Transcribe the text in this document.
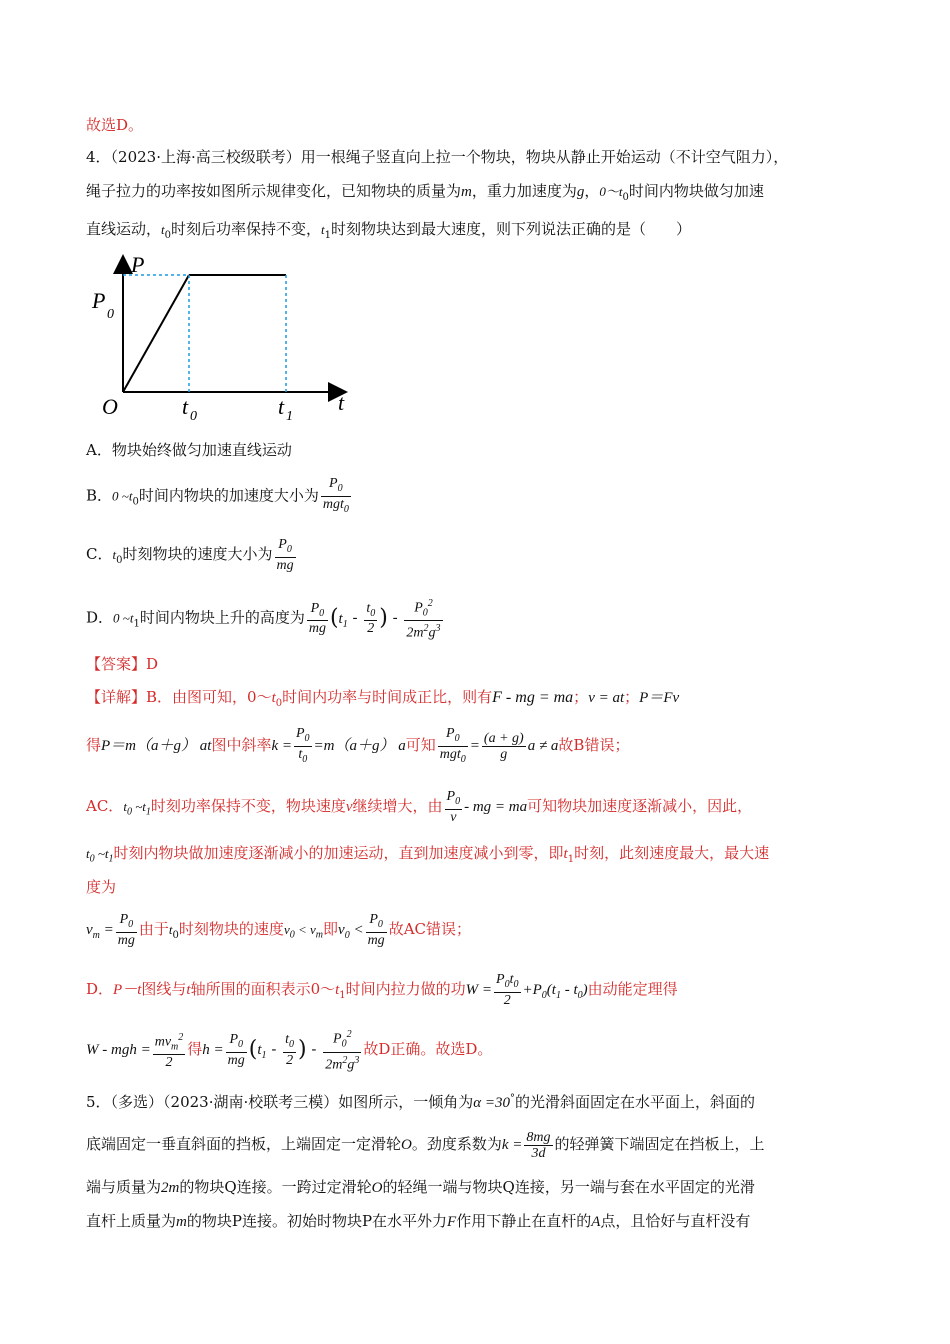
故选D。
4．（2023·上海·高三校级联考）用一根绳子竖直向上拉一个物块，物块从静止开始运动（不计空气阻力），
绳子拉力的功率按如图所示规律变化，已知物块的质量为m，重力加速度为g，$0\sim t_0$时间内物块做匀加速
直线运动，$t_0$时刻后功率保持不变，$t_1$时刻物块达到最大速度，则下列说法正确的是（　　）
P
t
O
P
0
t 0	t 1
A．物块始终做匀加速直线运动
B．0 $\sim t_0$时间内物块的加速度大小为 $\frac{P_0}{mgt_0}$
C．$t_0$时刻物块的速度大小为 $\frac{P_0}{mg}$
D．0 $\sim t_1$时间内物块上升的高度为 $\frac{P_0}{mg} (t_1 - \frac{t_0}{2}$ ) - $\frac{P_0^2}{2m^2g^3}$
【答案】D
【详解】B．由图可知，$0\sim t_0$时间内功率与时间成正比，则有F - mg = ma；v = at；P＝Fv
得P＝m（a＋g） at图中斜率$k = \frac{P_0}{t_0} =m(a+g)$ a可知 $\frac{P_0}{mgt_0} = \frac{(a + g)}{g}$ a ≠ a故B错误；
AC．$t_0$ $\sim t_1$时刻功率保持不变，物块速度v继续增大，由 $\frac{P_0}{v}$ - mg = ma可知物块加速度逐渐减小，因此，
$t_0$ $\sim t_1$时刻内物块做加速度逐渐减小的加速运动，直到加速度减小到零，即$t_1$时刻，此刻速度最大，最大速
度为
$v_m = \frac{P_0}{mg}$ 由于$t_0$时刻物块的速度$v_0 < v_m$即$v_0 < \frac{P_0}{mg}$ 故AC错误；
D．P－t图线与t轴所围的面积表示$0\sim t_1$时间内拉力做的功$W = \frac{P_0t_0}{2} +P_0(t_1 - t_0)$由动能定理得
W - mgh = $\frac{mv_m^2}{2}$ 得$h = \frac{P_0}{mg} (t_1 - \frac{t_0}{2}$ ) - $\frac{P_0^2}{2m^2g^3}$ 故D正确。故选D。
5．（多选）（2023·湖南·校联考三模）如图所示，一倾角为α =30°的光滑斜面固定在水平面上，斜面的
底端固定一垂直斜面的挡板，上端固定一定滑轮O。劲度系数为$k = \frac{8mg}{3d}$ 的轻弹簧下端固定在挡板上，上
端与质量为2m的物块Q连接。一跨过定滑轮O的轻绳一端与物块Q连接，另一端与套在水平固定的光滑
直杆上质量为m的物块P连接。初始时物块P在水平外力F作用下静止在直杆的A点，且恰好与直杆没有
